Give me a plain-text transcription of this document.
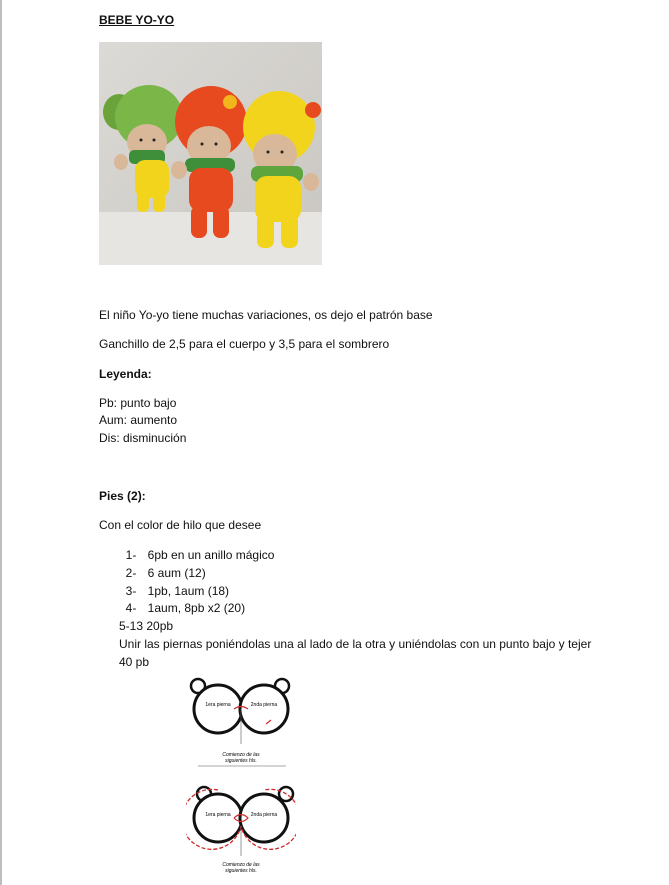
BEBE YO-YO
El niño Yo-yo tiene muchas variaciones, os dejo el patrón base
Ganchillo de 2,5 para el cuerpo y 3,5 para el sombrero
Leyenda:
Pb: punto bajo
Aum: aumento
Dis: disminución
Pies (2):
Con el color de hilo que desee
1- 6pb en un anillo mágico
2- 6 aum (12)
3- 1pb, 1aum (18)
4- 1aum, 8pb x2 (20)
5-13 20pb
Unir las piernas poniéndolas una al lado de la otra y uniéndolas con un punto bajo y tejer
40 pb
1era pierna	2nda pierna
Comienzo de las
siguientes hls.
1era pierna	2nda pierna
Comienzo de las
siguientes hls.
